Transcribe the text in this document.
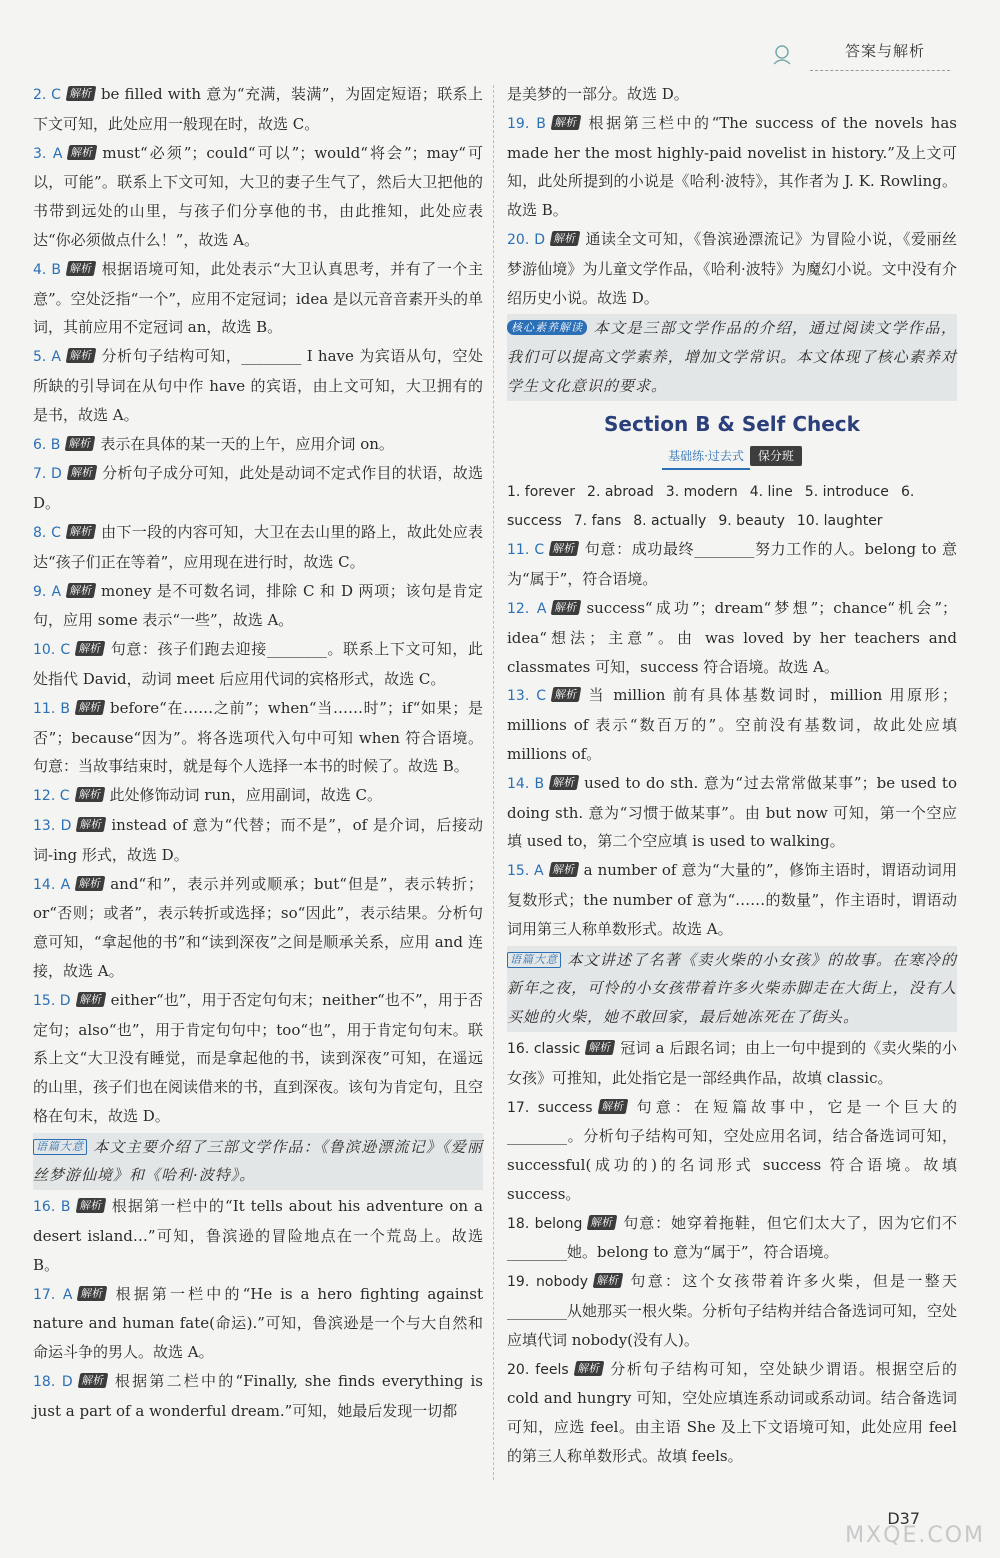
答案与解析

2. C 解析 be filled with 意为“充满，装满”，为固定短语；联系上下文可知，此处应用一般现在时，故选 C。

3. A 解析 must“必须”；could“可以”；would“将会”；may“可以，可能”。联系上下文可知，大卫的妻子生气了，然后大卫把他的书带到远处的山里，与孩子们分享他的书，由此推知，此处应表达“你必须做点什么！”，故选 A。

4. B 解析 根据语境可知，此处表示“大卫认真思考，并有了一个主意”。空处泛指“一个”，应用不定冠词；idea 是以元音音素开头的单词，其前应用不定冠词 an，故选 B。

5. A 解析 分析句子结构可知，________ I have 为宾语从句，空处所缺的引导词在从句中作 have 的宾语，由上文可知，大卫拥有的是书，故选 A。

6. B 解析 表示在具体的某一天的上午，应用介词 on。

7. D 解析 分析句子成分可知，此处是动词不定式作目的状语，故选 D。

8. C 解析 由下一段的内容可知，大卫在去山里的路上，故此处应表达“孩子们正在等着”，应用现在进行时，故选 C。

9. A 解析 money 是不可数名词，排除 C 和 D 两项；该句是肯定句，应用 some 表示“一些”，故选 A。

10. C 解析 句意：孩子们跑去迎接________。联系上下文可知，此处指代 David，动词 meet 后应用代词的宾格形式，故选 C。

11. B 解析 before“在……之前”；when“当……时”；if“如果；是否”；because“因为”。将各选项代入句中可知 when 符合语境。句意：当故事结束时，就是每个人选择一本书的时候了。故选 B。

12. C 解析 此处修饰动词 run，应用副词，故选 C。

13. D 解析 instead of 意为“代替；而不是”，of 是介词，后接动词-ing 形式，故选 D。

14. A 解析 and“和”，表示并列或顺承；but“但是”，表示转折；or“否则；或者”，表示转折或选择；so“因此”，表示结果。分析句意可知，“拿起他的书”和“读到深夜”之间是顺承关系，应用 and 连接，故选 A。

15. D 解析 either“也”，用于否定句句末；neither“也不”，用于否定句；also“也”，用于肯定句句中；too“也”，用于肯定句句末。联系上文“大卫没有睡觉，而是拿起他的书，读到深夜”可知，在遥远的山里，孩子们也在阅读借来的书，直到深夜。该句为肯定句，且空格在句末，故选 D。

语篇大意 本文主要介绍了三部文学作品：《鲁滨逊漂流记》《爱丽丝梦游仙境》和《哈利·波特》。

16. B 解析 根据第一栏中的“It tells about his adventure on a desert island…”可知，鲁滨逊的冒险地点在一个荒岛上。故选 B。

17. A 解析 根据第一栏中的“He is a hero fighting against nature and human fate(命运).”可知，鲁滨逊是一个与大自然和命运斗争的男人。故选 A。

18. D 解析 根据第二栏中的“Finally, she finds everything is just a part of a wonderful dream.”可知，她最后发现一切都

是美梦的一部分。故选 D。

19. B 解析 根据第三栏中的“The success of the novels has made her the most highly-paid novelist in history.”及上文可知，此处所提到的小说是《哈利·波特》，其作者为 J. K. Rowling。故选 B。

20. D 解析 通读全文可知，《鲁滨逊漂流记》为冒险小说，《爱丽丝梦游仙境》为儿童文学作品，《哈利·波特》为魔幻小说。文中没有介绍历史小说。故选 D。

核心素养解读 本文是三部文学作品的介绍，通过阅读文学作品，我们可以提高文学素养，增加文学常识。本文体现了核心素养对学生文化意识的要求。

Section B & Self Check
基础练·过去式 保分班
1. forever 2. abroad 3. modern 4. line 5. introduce 6. success 7. fans 8. actually 9. beauty 10. laughter

11. C 解析 句意：成功最终________努力工作的人。belong to 意为“属于”，符合语境。

12. A 解析 success“成功”；dream“梦想”；chance“机会”；idea“想法；主意”。由 was loved by her teachers and classmates 可知，success 符合语境。故选 A。

13. C 解析 当 million 前有具体基数词时，million 用原形；millions of 表示“数百万的”。空前没有基数词，故此处应填 millions of。

14. B 解析 used to do sth. 意为“过去常常做某事”；be used to doing sth. 意为“习惯于做某事”。由 but now 可知，第一个空应填 used to，第二个空应填 is used to walking。

15. A 解析 a number of 意为“大量的”，修饰主语时，谓语动词用复数形式；the number of 意为“……的数量”，作主语时，谓语动词用第三人称单数形式。故选 A。

语篇大意 本文讲述了名著《卖火柴的小女孩》的故事。在寒冷的新年之夜，可怜的小女孩带着许多火柴赤脚走在大街上，没有人买她的火柴，她不敢回家，最后她冻死在了街头。

16. classic 解析 冠词 a 后跟名词；由上一句中提到的《卖火柴的小女孩》可推知，此处指它是一部经典作品，故填 classic。

17. success 解析 句意：在短篇故事中，它是一个巨大的________。分析句子结构可知，空处应用名词，结合备选词可知，successful(成功的)的名词形式 success 符合语境。故填 success。

18. belong 解析 句意：她穿着拖鞋，但它们太大了，因为它们不________她。belong to 意为“属于”，符合语境。

19. nobody 解析 句意：这个女孩带着许多火柴，但是一整天________从她那买一根火柴。分析句子结构并结合备选词可知，空处应填代词 nobody(没有人)。

20. feels 解析 分析句子结构可知，空处缺少谓语。根据空后的 cold and hungry 可知，空处应填连系动词或系动词。结合备选词可知，应选 feel。由主语 She 及上下文语境可知，此处应用 feel 的第三人称单数形式。故填 feels。

D37
MXQE.COM
